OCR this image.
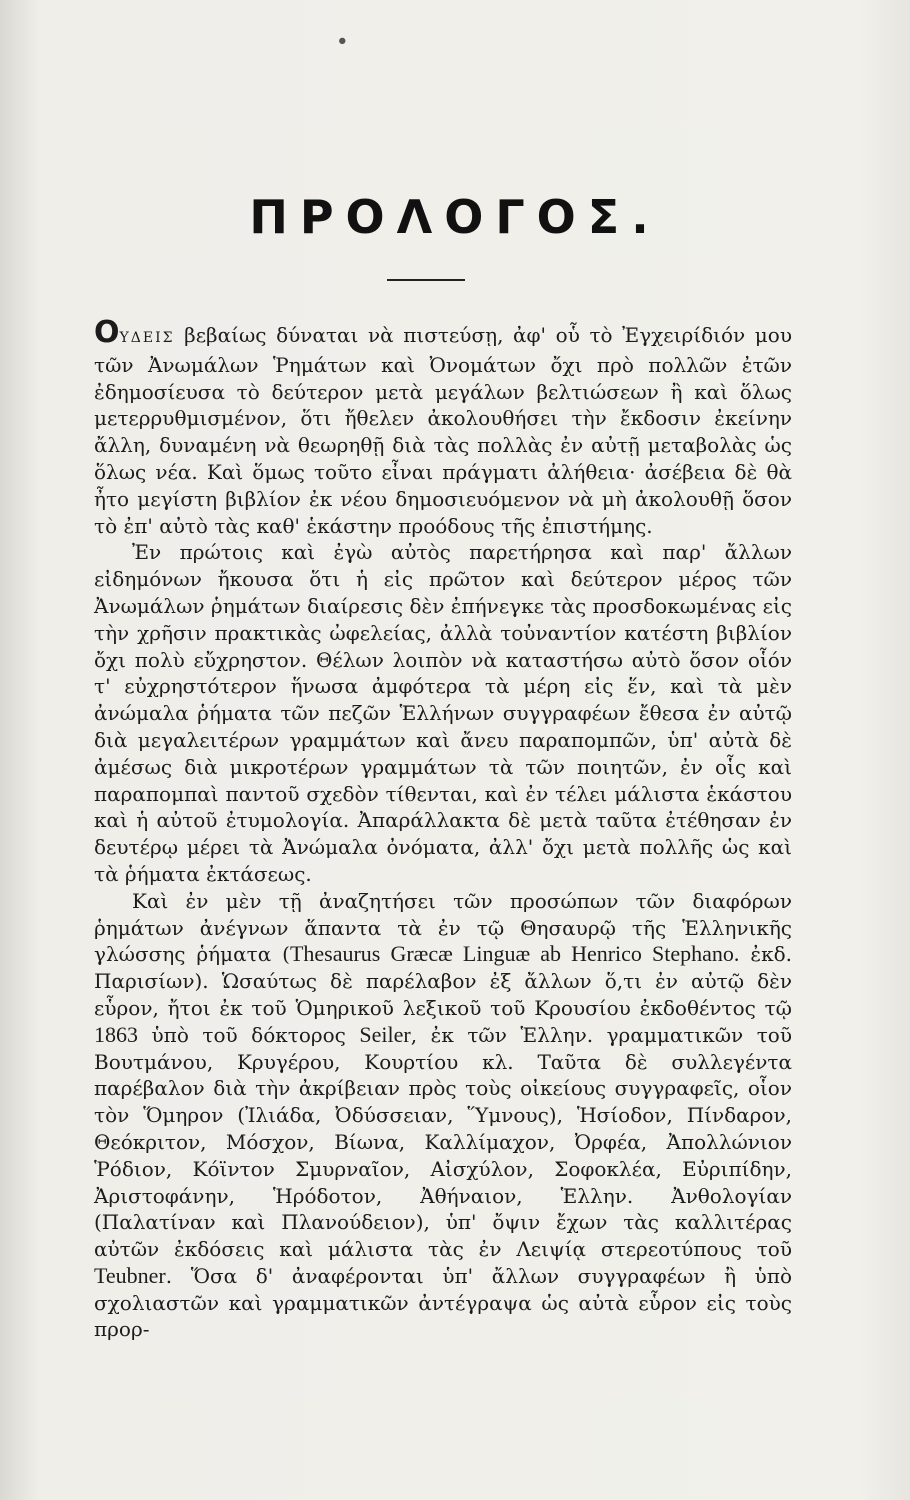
•
ΠΡΟΛΟΓΟΣ.

OΥΔΕΙΣ βεβαίως δύναται νὰ πιστεύσῃ, ἀφ' οὗ τὸ Ἐγχειρίδιόν μου τῶν Ἀνωμάλων Ῥημάτων καὶ Ὀνομάτων ὄχι πρὸ πολλῶν ἐτῶν ἐδημοσίευσα τὸ δεύτερον μετὰ μεγάλων βελτιώσεων ἢ καὶ ὅλως μετερρυθμισμένον, ὅτι ἤθελεν ἀκολουθήσει τὴν ἔκδοσιν ἐκείνην ἄλλη, δυναμένη νὰ θεωρηθῇ διὰ τὰς πολλὰς ἐν αὐτῇ μεταβολὰς ὡς ὅλως νέα. Καὶ ὅμως τοῦτο εἶναι πράγματι ἀλήθεια· ἀσέβεια δὲ θὰ ἦτο μεγίστη βιβλίον ἐκ νέου δημοσιευόμενον νὰ μὴ ἀκολουθῇ ὅσον τὸ ἐπ' αὐτὸ τὰς καθ' ἑκάστην προόδους τῆς ἐπιστήμης.

Ἐν πρώτοις καὶ ἐγὼ αὐτὸς παρετήρησα καὶ παρ' ἄλλων εἰδημόνων ἤκουσα ὅτι ἡ εἰς πρῶτον καὶ δεύτερον μέρος τῶν Ἀνωμάλων ῥημάτων διαίρεσις δὲν ἐπήνεγκε τὰς προσδοκωμένας εἰς τὴν χρῆσιν πρακτικὰς ὠφελείας, ἀλλὰ τοὐναντίον κατέστη βιβλίον ὄχι πολὺ εὔχρηστον. Θέλων λοιπὸν νὰ καταστήσω αὐτὸ ὅσον οἷόν τ' εὐχρηστότερον ἥνωσα ἀμφότερα τὰ μέρη εἰς ἕν, καὶ τὰ μὲν ἀνώμαλα ῥήματα τῶν πεζῶν Ἑλλήνων συγγραφέων ἔθεσα ἐν αὐτῷ διὰ μεγαλειτέρων γραμμάτων καὶ ἄνευ παραπομπῶν, ὑπ' αὐτὰ δὲ ἀμέσως διὰ μικροτέρων γραμμάτων τὰ τῶν ποιητῶν, ἐν οἷς καὶ παραπομπαὶ παντοῦ σχεδὸν τίθενται, καὶ ἐν τέλει μάλιστα ἑκάστου καὶ ἡ αὐτοῦ ἐτυμολογία. Ἀπαράλλακτα δὲ μετὰ ταῦτα ἐτέθησαν ἐν δευτέρῳ μέρει τὰ Ἀνώμαλα ὀνόματα, ἀλλ' ὄχι μετὰ πολλῆς ὡς καὶ τὰ ῥήματα ἐκτάσεως.

Καὶ ἐν μὲν τῇ ἀναζητήσει τῶν προσώπων τῶν διαφόρων ῥημάτων ἀνέγνων ἅπαντα τὰ ἐν τῷ Θησαυρῷ τῆς Ἑλληνικῆς γλώσσης ῥήματα (Thesaurus Græcæ Linguæ ab Henrico Stephano. ἐκδ. Παρισίων). Ὡσαύτως δὲ παρέλαβον ἐξ ἄλλων ὅ,τι ἐν αὐτῷ δὲν εὗρον, ἤτοι ἐκ τοῦ Ὁμηρικοῦ λεξικοῦ τοῦ Κρουσίου ἐκδοθέντος τῷ 1863 ὑπὸ τοῦ δόκτορος Seiler, ἐκ τῶν Ἑλλην. γραμματικῶν τοῦ Βουτμάνου, Κρυγέρου, Κουρτίου κλ. Ταῦτα δὲ συλλεγέντα παρέβαλον διὰ τὴν ἀκρίβειαν πρὸς τοὺς οἰκείους συγγραφεῖς, οἷον τὸν Ὅμηρον (Ἰλιάδα, Ὀδύσσειαν, Ὕμνους), Ἡσίοδον, Πίνδαρον, Θεόκριτον, Μόσχον, Βίωνα, Καλλίμαχον, Ὀρφέα, Ἀπολλώνιον Ῥόδιον, Κόϊντον Σμυρναῖον, Αἰσχύλον, Σοφοκλέα, Εὐριπίδην, Ἀριστοφάνην, Ἡρόδοτον, Ἀθήναιον, Ἑλλην. Ἀνθολογίαν (Παλατίναν καὶ Πλανούδειον), ὑπ' ὄψιν ἔχων τὰς καλλιτέρας αὐτῶν ἐκδόσεις καὶ μάλιστα τὰς ἐν Λειψίᾳ στερεοτύπους τοῦ Teubner. Ὅσα δ' ἀναφέρονται ὑπ' ἄλλων συγγραφέων ἢ ὑπὸ σχολιαστῶν καὶ γραμματικῶν ἀντέγραψα ὡς αὐτὰ εὗρον εἰς τοὺς προρ-
